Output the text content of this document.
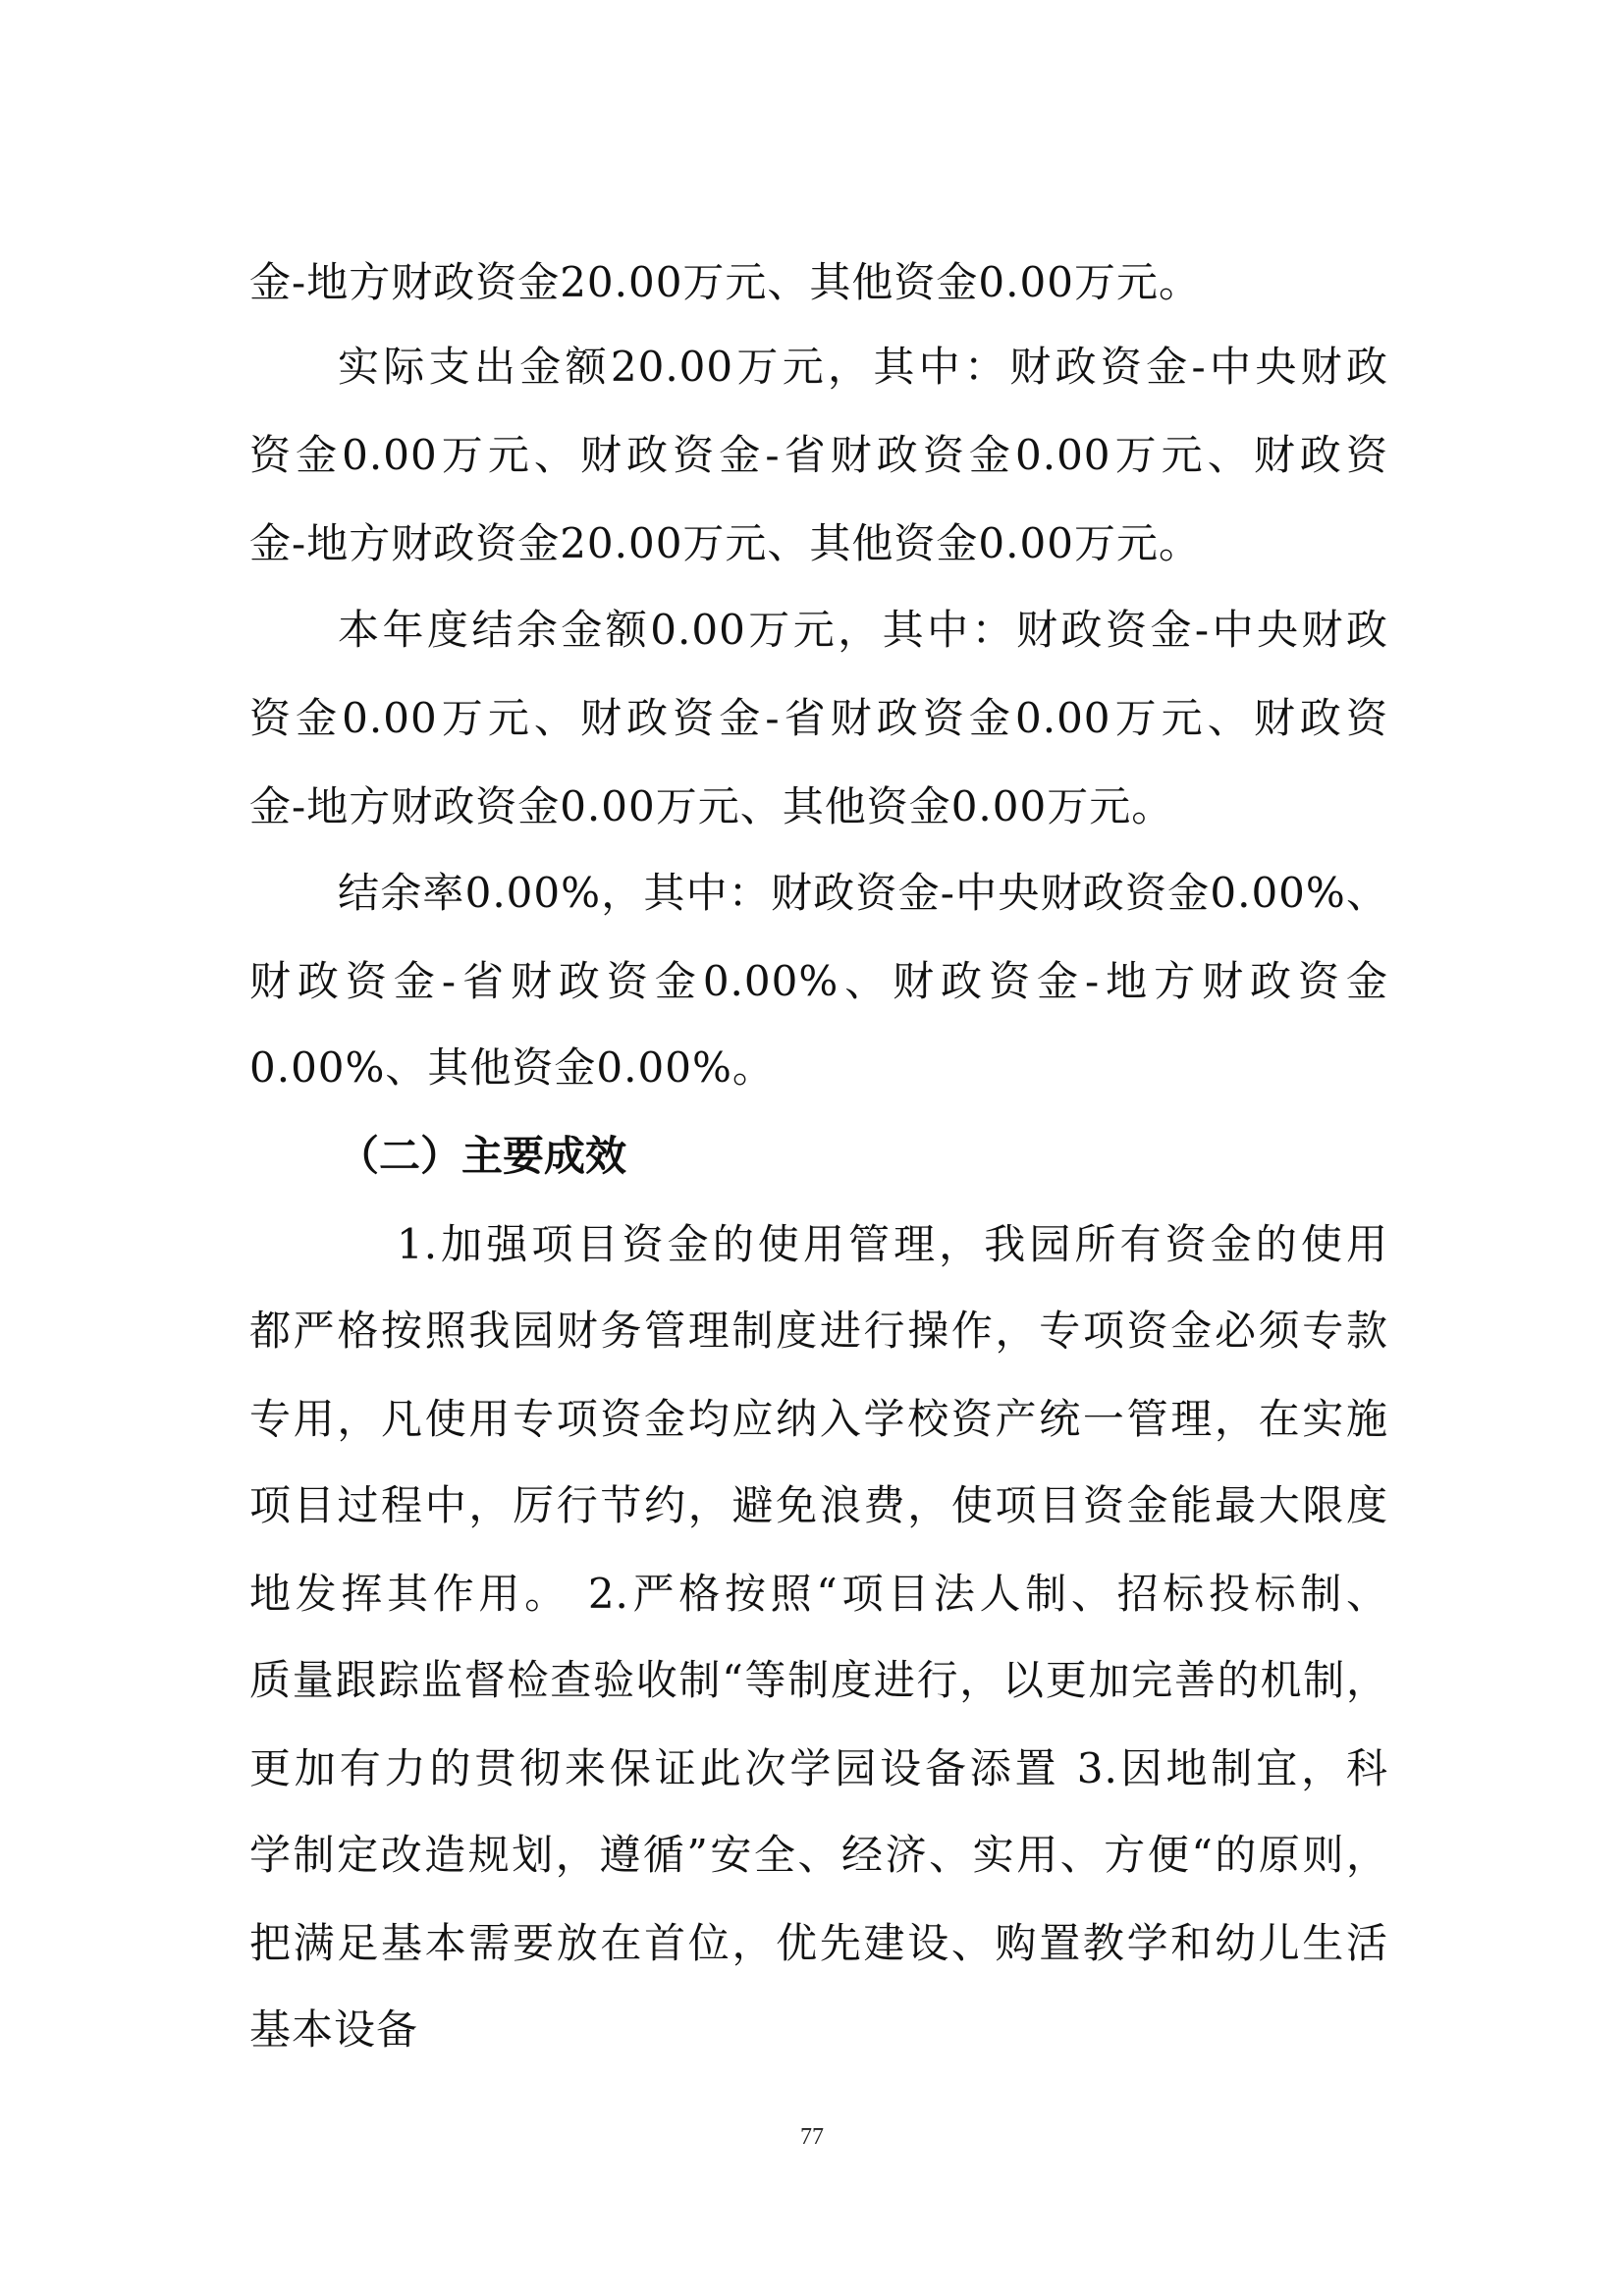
金-地方财政资金20.00万元、其他资金0.00万元。
实际支出金额20.00万元，其中：财政资金-中央财政
资金0.00万元、财政资金-省财政资金0.00万元、财政资
金-地方财政资金20.00万元、其他资金0.00万元。
本年度结余金额0.00万元，其中：财政资金-中央财政
资金0.00万元、财政资金-省财政资金0.00万元、财政资
金-地方财政资金0.00万元、其他资金0.00万元。
结余率0.00%，其中：财政资金-中央财政资金0.00%、
财政资金-省财政资金0.00%、财政资金-地方财政资金
0.00%、其他资金0.00%。
（二）主要成效
1.加强项目资金的使用管理，我园所有资金的使用
都严格按照我园财务管理制度进行操作，专项资金必须专款
专用，凡使用专项资金均应纳入学校资产统一管理，在实施
项目过程中，厉行节约，避免浪费，使项目资金能最大限度
地发挥其作用。 2.严格按照“项目法人制、招标投标制、
质量跟踪监督检查验收制“等制度进行，以更加完善的机制，
更加有力的贯彻来保证此次学园设备添置 3.因地制宜，科
学制定改造规划，遵循”安全、经济、实用、方便“的原则，
把满足基本需要放在首位，优先建设、购置教学和幼儿生活
基本设备
77
